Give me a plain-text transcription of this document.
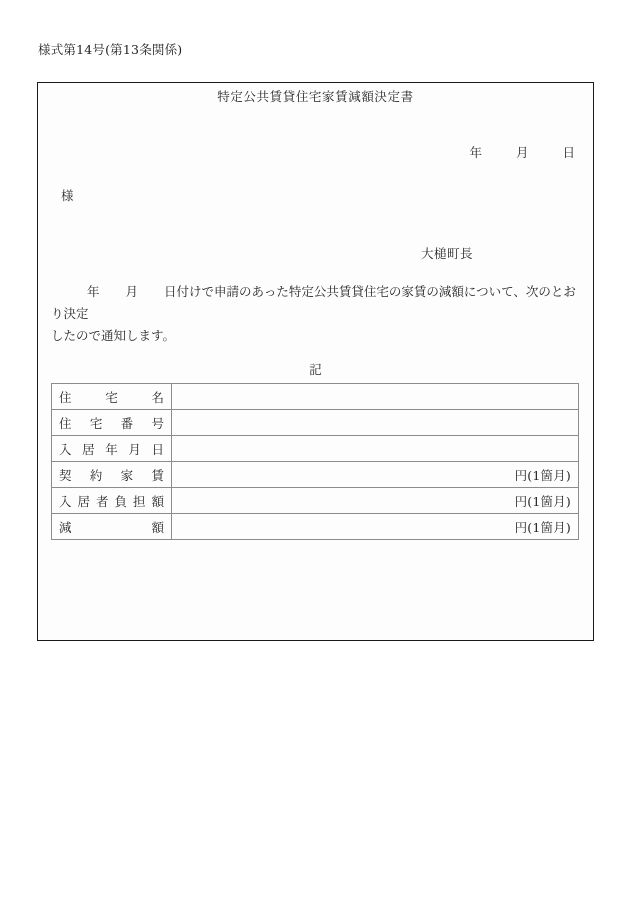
様式第14号(第13条関係)
特定公共賃貸住宅家賃減額決定書
年	月	日
様
大槌町長
年 月 日付けで申請のあった特定公共賃貸住宅の家賃の減額について、次のとおり決定
したので通知します。
記
住宅名	
住宅番号	
入居年月日	
契約家賃	円(1箇月)
入居者負担額	円(1箇月)
減額	円(1箇月)
